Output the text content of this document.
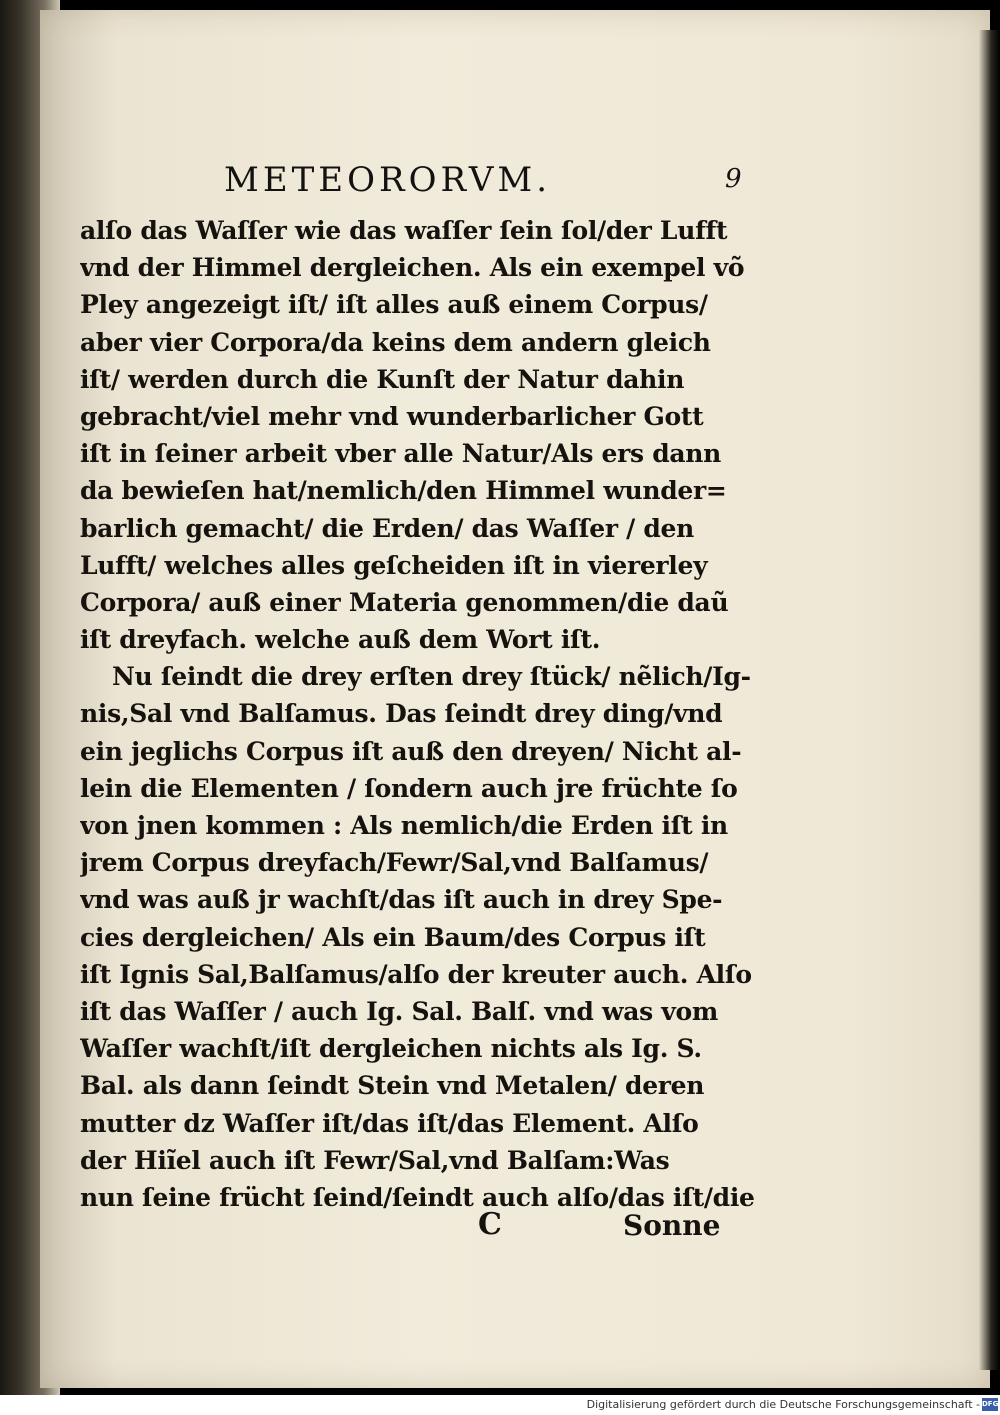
METEORORVM.	9
alſo das Waſſer wie das waſſer ſein ſol/der Lufft
vnd der Himmel dergleichen. Als ein exempel võ
Pley angezeigt iſt/ iſt alles auß einem Corpus/
aber vier Corpora/da keins dem andern gleich
iſt/ werden durch die Kunſt der Natur dahin
gebracht/viel mehr vnd wunderbarlicher Gott
iſt in ſeiner arbeit vber alle Natur/Als ers dann
da bewieſen hat/nemlich/den Himmel wunder=
barlich gemacht/ die Erden/ das Waſſer / den
Lufft/ welches alles geſcheiden iſt in viererley
Corpora/ auß einer Materia genommen/die daũ
iſt dreyfach. welche auß dem Wort iſt.
Nu ſeindt die drey erſten drey ſtück/ nẽlich/Ig-
nis,Sal vnd Balſamus. Das ſeindt drey ding/vnd
ein jeglichs Corpus iſt auß den dreyen/ Nicht al-
lein die Elementen / ſondern auch jre früchte ſo
von jnen kommen : Als nemlich/die Erden iſt in
jrem Corpus dreyfach/Fewr/Sal,vnd Balſamus/
vnd was auß jr wachſt/das iſt auch in drey Spe-
cies dergleichen/ Als ein Baum/des Corpus iſt
iſt Ignis Sal,Balſamus/alſo der kreuter auch. Alſo
iſt das Waſſer / auch Ig. Sal. Balſ. vnd was vom
Waſſer wachſt/iſt dergleichen nichts als Ig. S.
Bal. als dann ſeindt Stein vnd Metalen/ deren
mutter dz Waſſer iſt/das iſt/das Element. Alſo
der Hiĩel auch iſt Fewr/Sal,vnd Balſam:Was
nun ſeine frücht ſeind/ſeindt auch alſo/das iſt/die
C	Sonne
Digitalisierung gefördert durch die Deutsche Forschungsgemeinschaft - DFG
